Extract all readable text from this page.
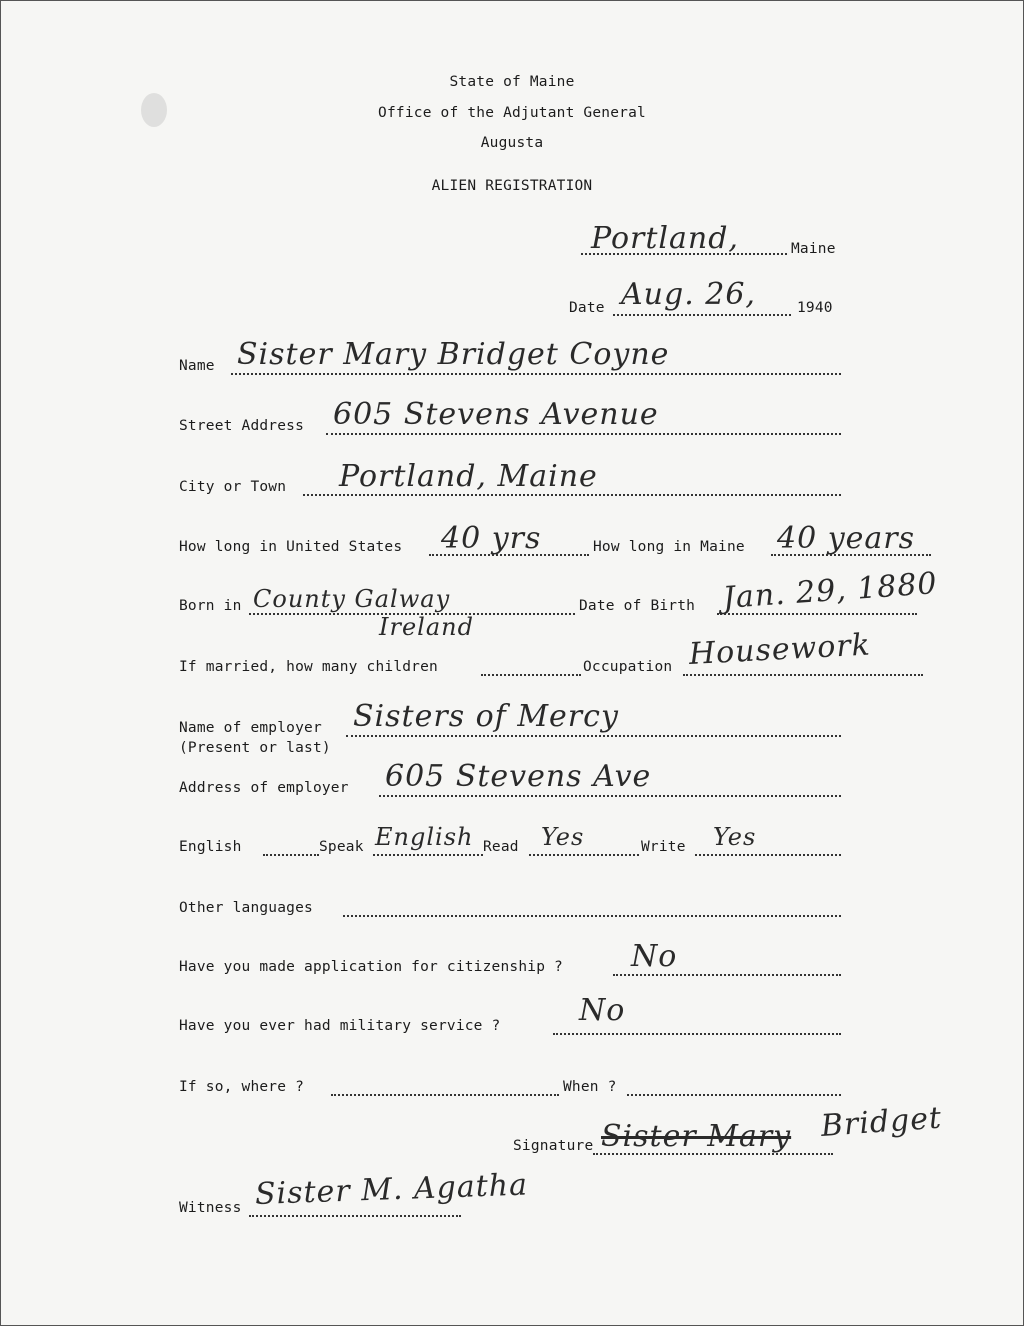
State of Maine
Office of the Adjutant General
Augusta
ALIEN REGISTRATION
Portland,	Maine
Date Aug. 26,	1940
Name Sister Mary Bridget Coyne
Street Address 605 Stevens Avenue
City or Town Portland, Maine
How long in United States 40 yrs	How long in Maine 40 years
Born in County Galway
Ireland
Date of Birth Jan. 29, 1880
If married, how many children	Occupation Housework
Name of employer
(Present or last)
Sisters of Mercy
Address of employer 605 Stevens Ave
English	Speak English Read Yes	Write Yes
Other languages
Have you made application for citizenship ? No
Have you ever had military service ?	No
If so, where ?	When ?
Signature Sister Mary Bridget
Witness Sister M. Agatha
